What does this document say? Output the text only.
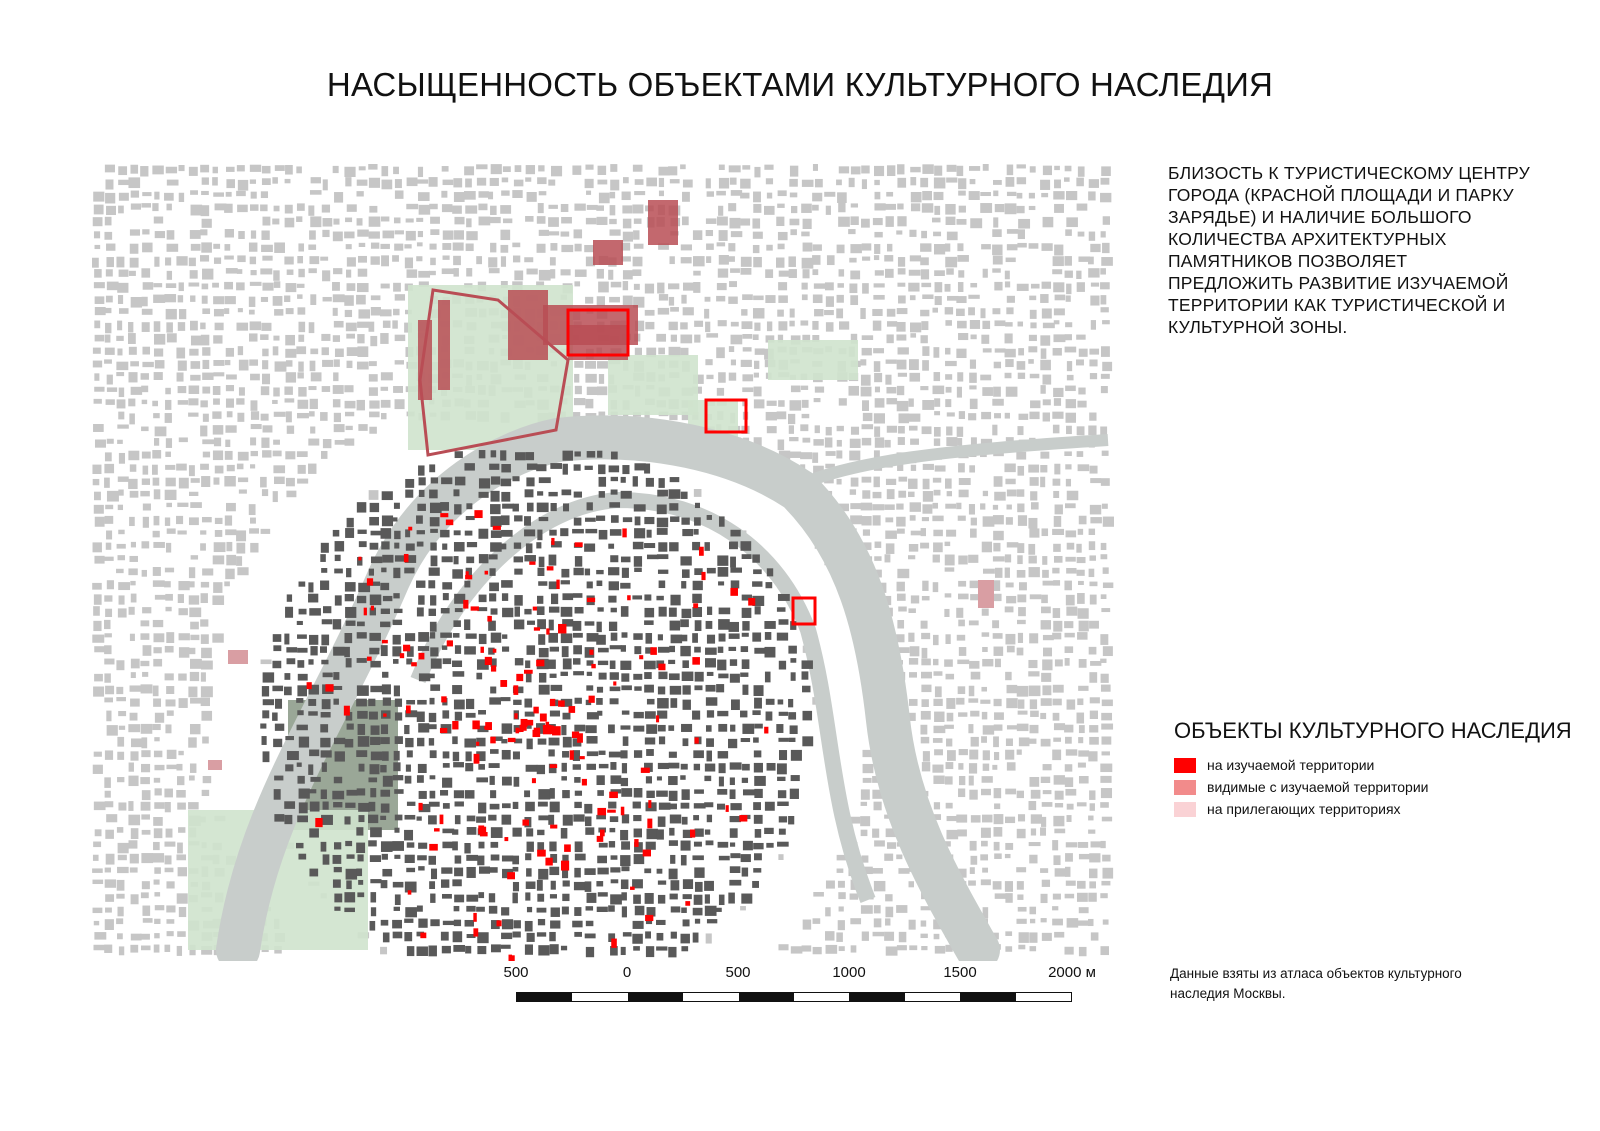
НАСЫЩЕННОСТЬ ОБЪЕКТАМИ КУЛЬТУРНОГО НАСЛЕДИЯ
БЛИЗОСТЬ К ТУРИСТИЧЕСКОМУ ЦЕНТРУ
ГОРОДА (КРАСНОЙ ПЛОЩАДИ И ПАРКУ
ЗАРЯДЬЕ) И НАЛИЧИЕ БОЛЬШОГО
КОЛИЧЕСТВА АРХИТЕКТУРНЫХ
ПАМЯТНИКОВ ПОЗВОЛЯЕТ
ПРЕДЛОЖИТЬ РАЗВИТИЕ ИЗУЧАЕМОЙ
ТЕРРИТОРИИ КАК ТУРИСТИЧЕСКОЙ И
КУЛЬТУРНОЙ ЗОНЫ.
ОБЪЕКТЫ КУЛЬТУРНОГО НАСЛЕДИЯ
на изучаемой территории
видимые с изучаемой территории
на прилегающих территориях
500	0	500	1000	1500	2000 м	Данные взяты из атласа объектов культурного
наследия Москвы.
